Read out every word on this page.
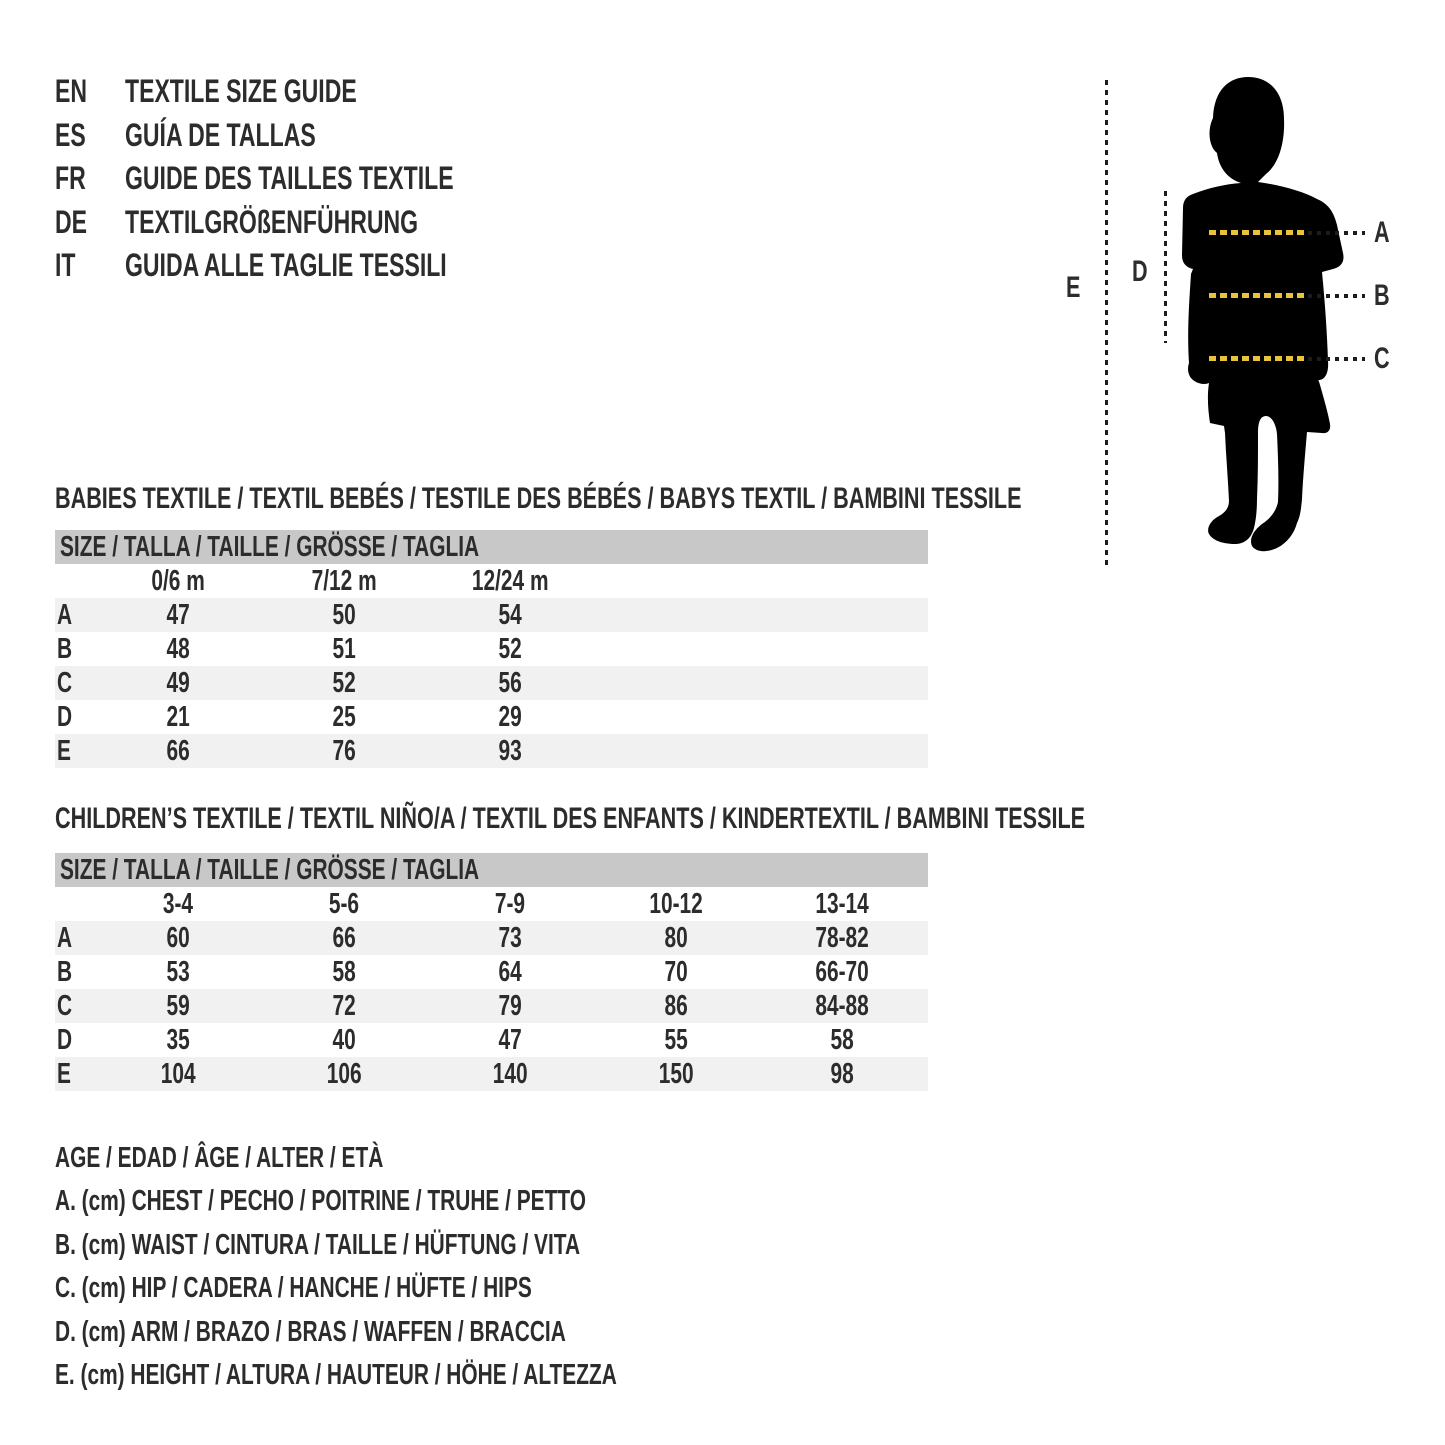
EN	TEXTILE SIZE GUIDE
ES	GUÍA DE TALLAS
FR	GUIDE DES TAILLES TEXTILE
DE	TEXTILGRÖßENFÜHRUNG
IT	GUIDA ALLE TAGLIE TESSILI
E D
A
B
C
BABIES TEXTILE / TEXTIL BEBÉS / TESTILE DES BÉBÉS / BABYS TEXTIL / BAMBINI TESSILE
SIZE / TALLA / TAILLE / GRÖSSE / TAGLIA
0/6 m	7/12 m	12/24 m
A	47	50	54
B	48	51	52
C	49	52	56
D	21	25	29
E	66	76	93
CHILDREN’S TEXTILE / TEXTIL NIÑO/A / TEXTIL DES ENFANTS / KINDERTEXTIL / BAMBINI TESSILE
SIZE / TALLA / TAILLE / GRÖSSE / TAGLIA
3-4	5-6	7-9	10-12	13-14
A	60	66	73	80	78-82
B	53	58	64	70	66-70
C	59	72	79	86	84-88
D	35	40	47	55	58
E	104	106	140	150	98
AGE / EDAD / ÂGE / ALTER / ETÀ
A. (cm) CHEST / PECHO / POITRINE / TRUHE / PETTO
B. (cm) WAIST / CINTURA / TAILLE / HÜFTUNG / VITA
C. (cm) HIP / CADERA / HANCHE / HÜFTE / HIPS
D. (cm) ARM / BRAZO / BRAS / WAFFEN / BRACCIA
E. (cm) HEIGHT / ALTURA / HAUTEUR / HÖHE / ALTEZZA
